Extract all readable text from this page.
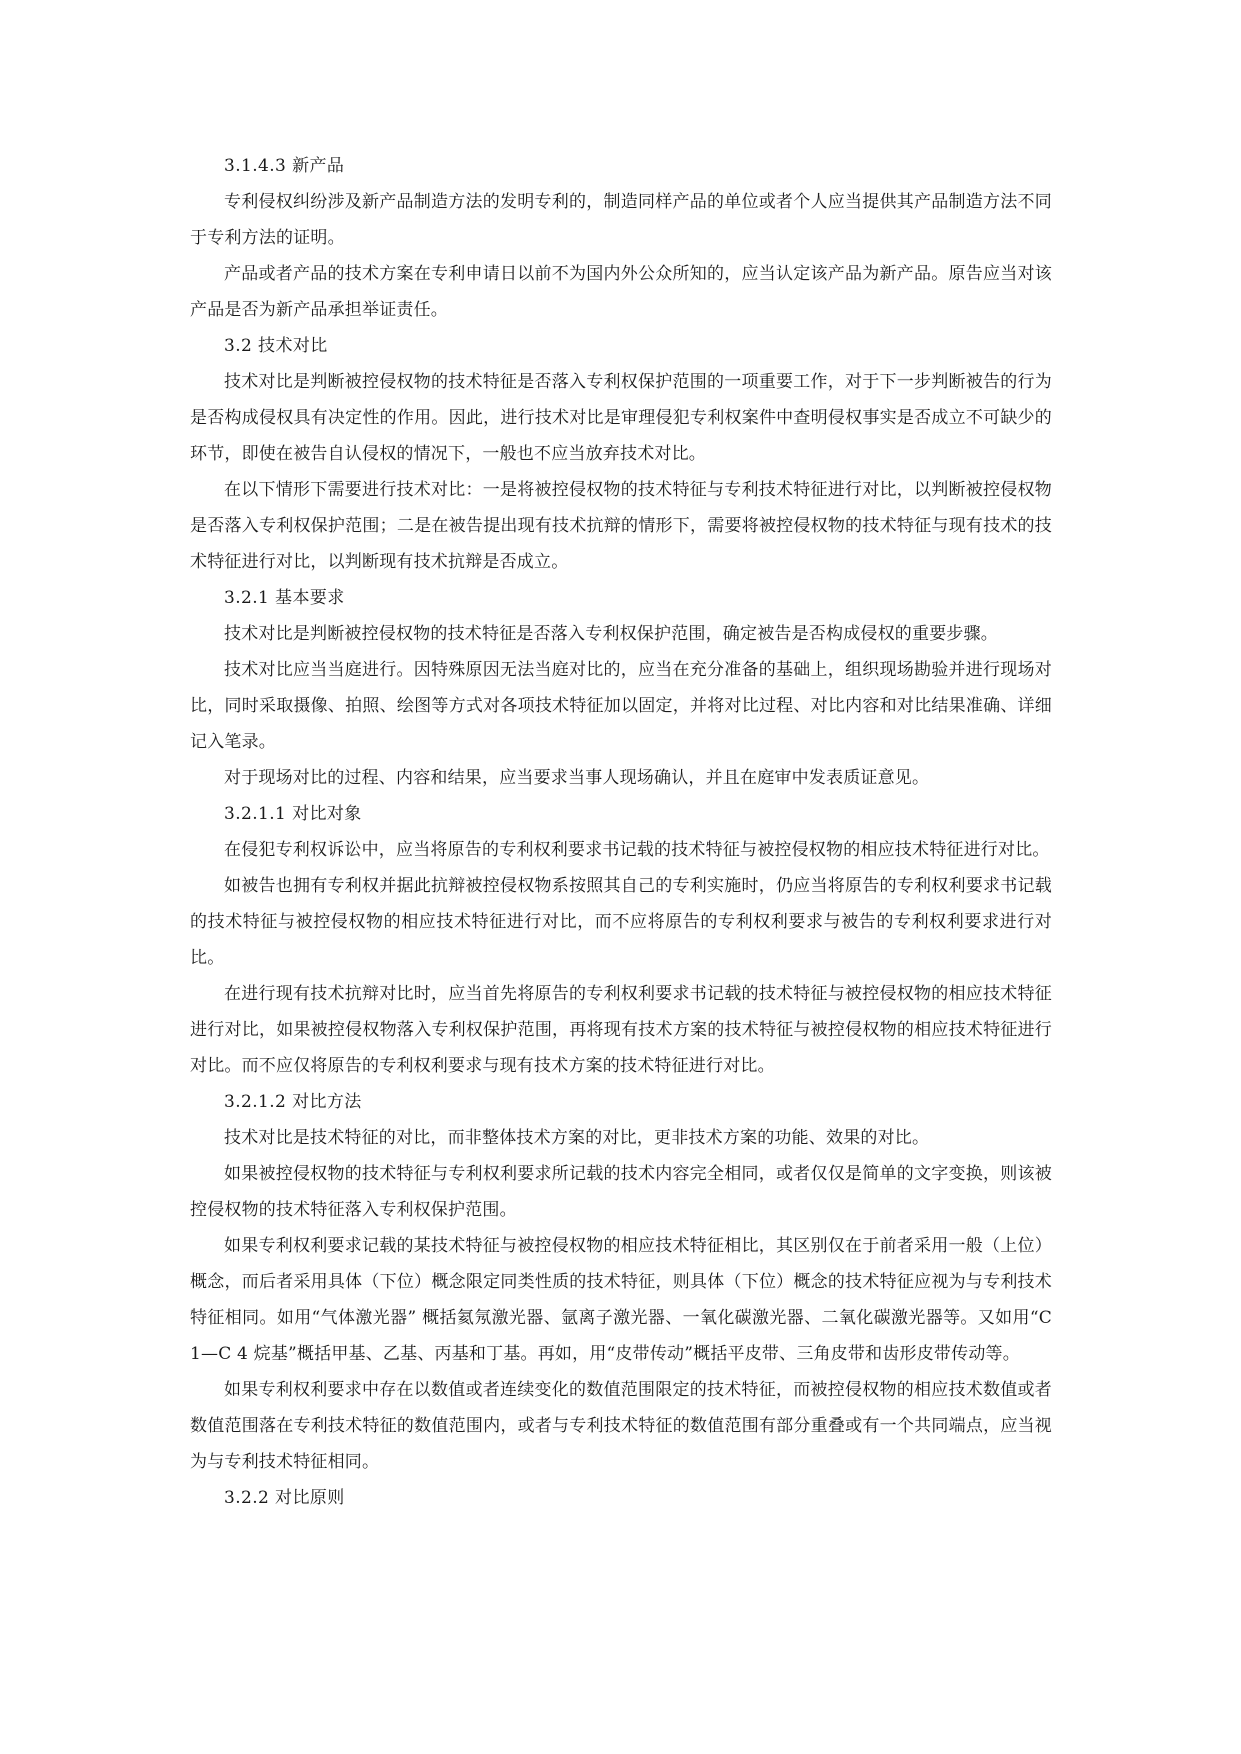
3.1.4.3 新产品

专利侵权纠纷涉及新产品制造方法的发明专利的，制造同样产品的单位或者个人应当提供其产品制造方法不同于专利方法的证明。

产品或者产品的技术方案在专利申请日以前不为国内外公众所知的，应当认定该产品为新产品。原告应当对该产品是否为新产品承担举证责任。

3.2 技术对比

技术对比是判断被控侵权物的技术特征是否落入专利权保护范围的一项重要工作，对于下一步判断被告的行为是否构成侵权具有决定性的作用。因此，进行技术对比是审理侵犯专利权案件中查明侵权事实是否成立不可缺少的环节，即使在被告自认侵权的情况下，一般也不应当放弃技术对比。

在以下情形下需要进行技术对比：一是将被控侵权物的技术特征与专利技术特征进行对比，以判断被控侵权物是否落入专利权保护范围；二是在被告提出现有技术抗辩的情形下，需要将被控侵权物的技术特征与现有技术的技术特征进行对比，以判断现有技术抗辩是否成立。

3.2.1 基本要求

技术对比是判断被控侵权物的技术特征是否落入专利权保护范围，确定被告是否构成侵权的重要步骤。

技术对比应当当庭进行。因特殊原因无法当庭对比的，应当在充分准备的基础上，组织现场勘验并进行现场对比，同时采取摄像、拍照、绘图等方式对各项技术特征加以固定，并将对比过程、对比内容和对比结果准确、详细记入笔录。

对于现场对比的过程、内容和结果，应当要求当事人现场确认，并且在庭审中发表质证意见。

3.2.1.1 对比对象

在侵犯专利权诉讼中，应当将原告的专利权利要求书记载的技术特征与被控侵权物的相应技术特征进行对比。

如被告也拥有专利权并据此抗辩被控侵权物系按照其自己的专利实施时，仍应当将原告的专利权利要求书记载的技术特征与被控侵权物的相应技术特征进行对比，而不应将原告的专利权利要求与被告的专利权利要求进行对比。

在进行现有技术抗辩对比时，应当首先将原告的专利权利要求书记载的技术特征与被控侵权物的相应技术特征进行对比，如果被控侵权物落入专利权保护范围，再将现有技术方案的技术特征与被控侵权物的相应技术特征进行对比。而不应仅将原告的专利权利要求与现有技术方案的技术特征进行对比。

3.2.1.2 对比方法

技术对比是技术特征的对比，而非整体技术方案的对比，更非技术方案的功能、效果的对比。

如果被控侵权物的技术特征与专利权利要求所记载的技术内容完全相同，或者仅仅是简单的文字变换，则该被控侵权物的技术特征落入专利权保护范围。

如果专利权利要求记载的某技术特征与被控侵权物的相应技术特征相比，其区别仅在于前者采用一般（上位）概念，而后者采用具体（下位）概念限定同类性质的技术特征，则具体（下位）概念的技术特征应视为与专利技术特征相同。如用“气体激光器” 概括氦氖激光器、氩离子激光器、一氧化碳激光器、二氧化碳激光器等。又如用“C 1—C 4 烷基”概括甲基、乙基、丙基和丁基。再如，用“皮带传动”概括平皮带、三角皮带和齿形皮带传动等。

如果专利权利要求中存在以数值或者连续变化的数值范围限定的技术特征，而被控侵权物的相应技术数值或者数值范围落在专利技术特征的数值范围内，或者与专利技术特征的数值范围有部分重叠或有一个共同端点，应当视为与专利技术特征相同。

3.2.2 对比原则
